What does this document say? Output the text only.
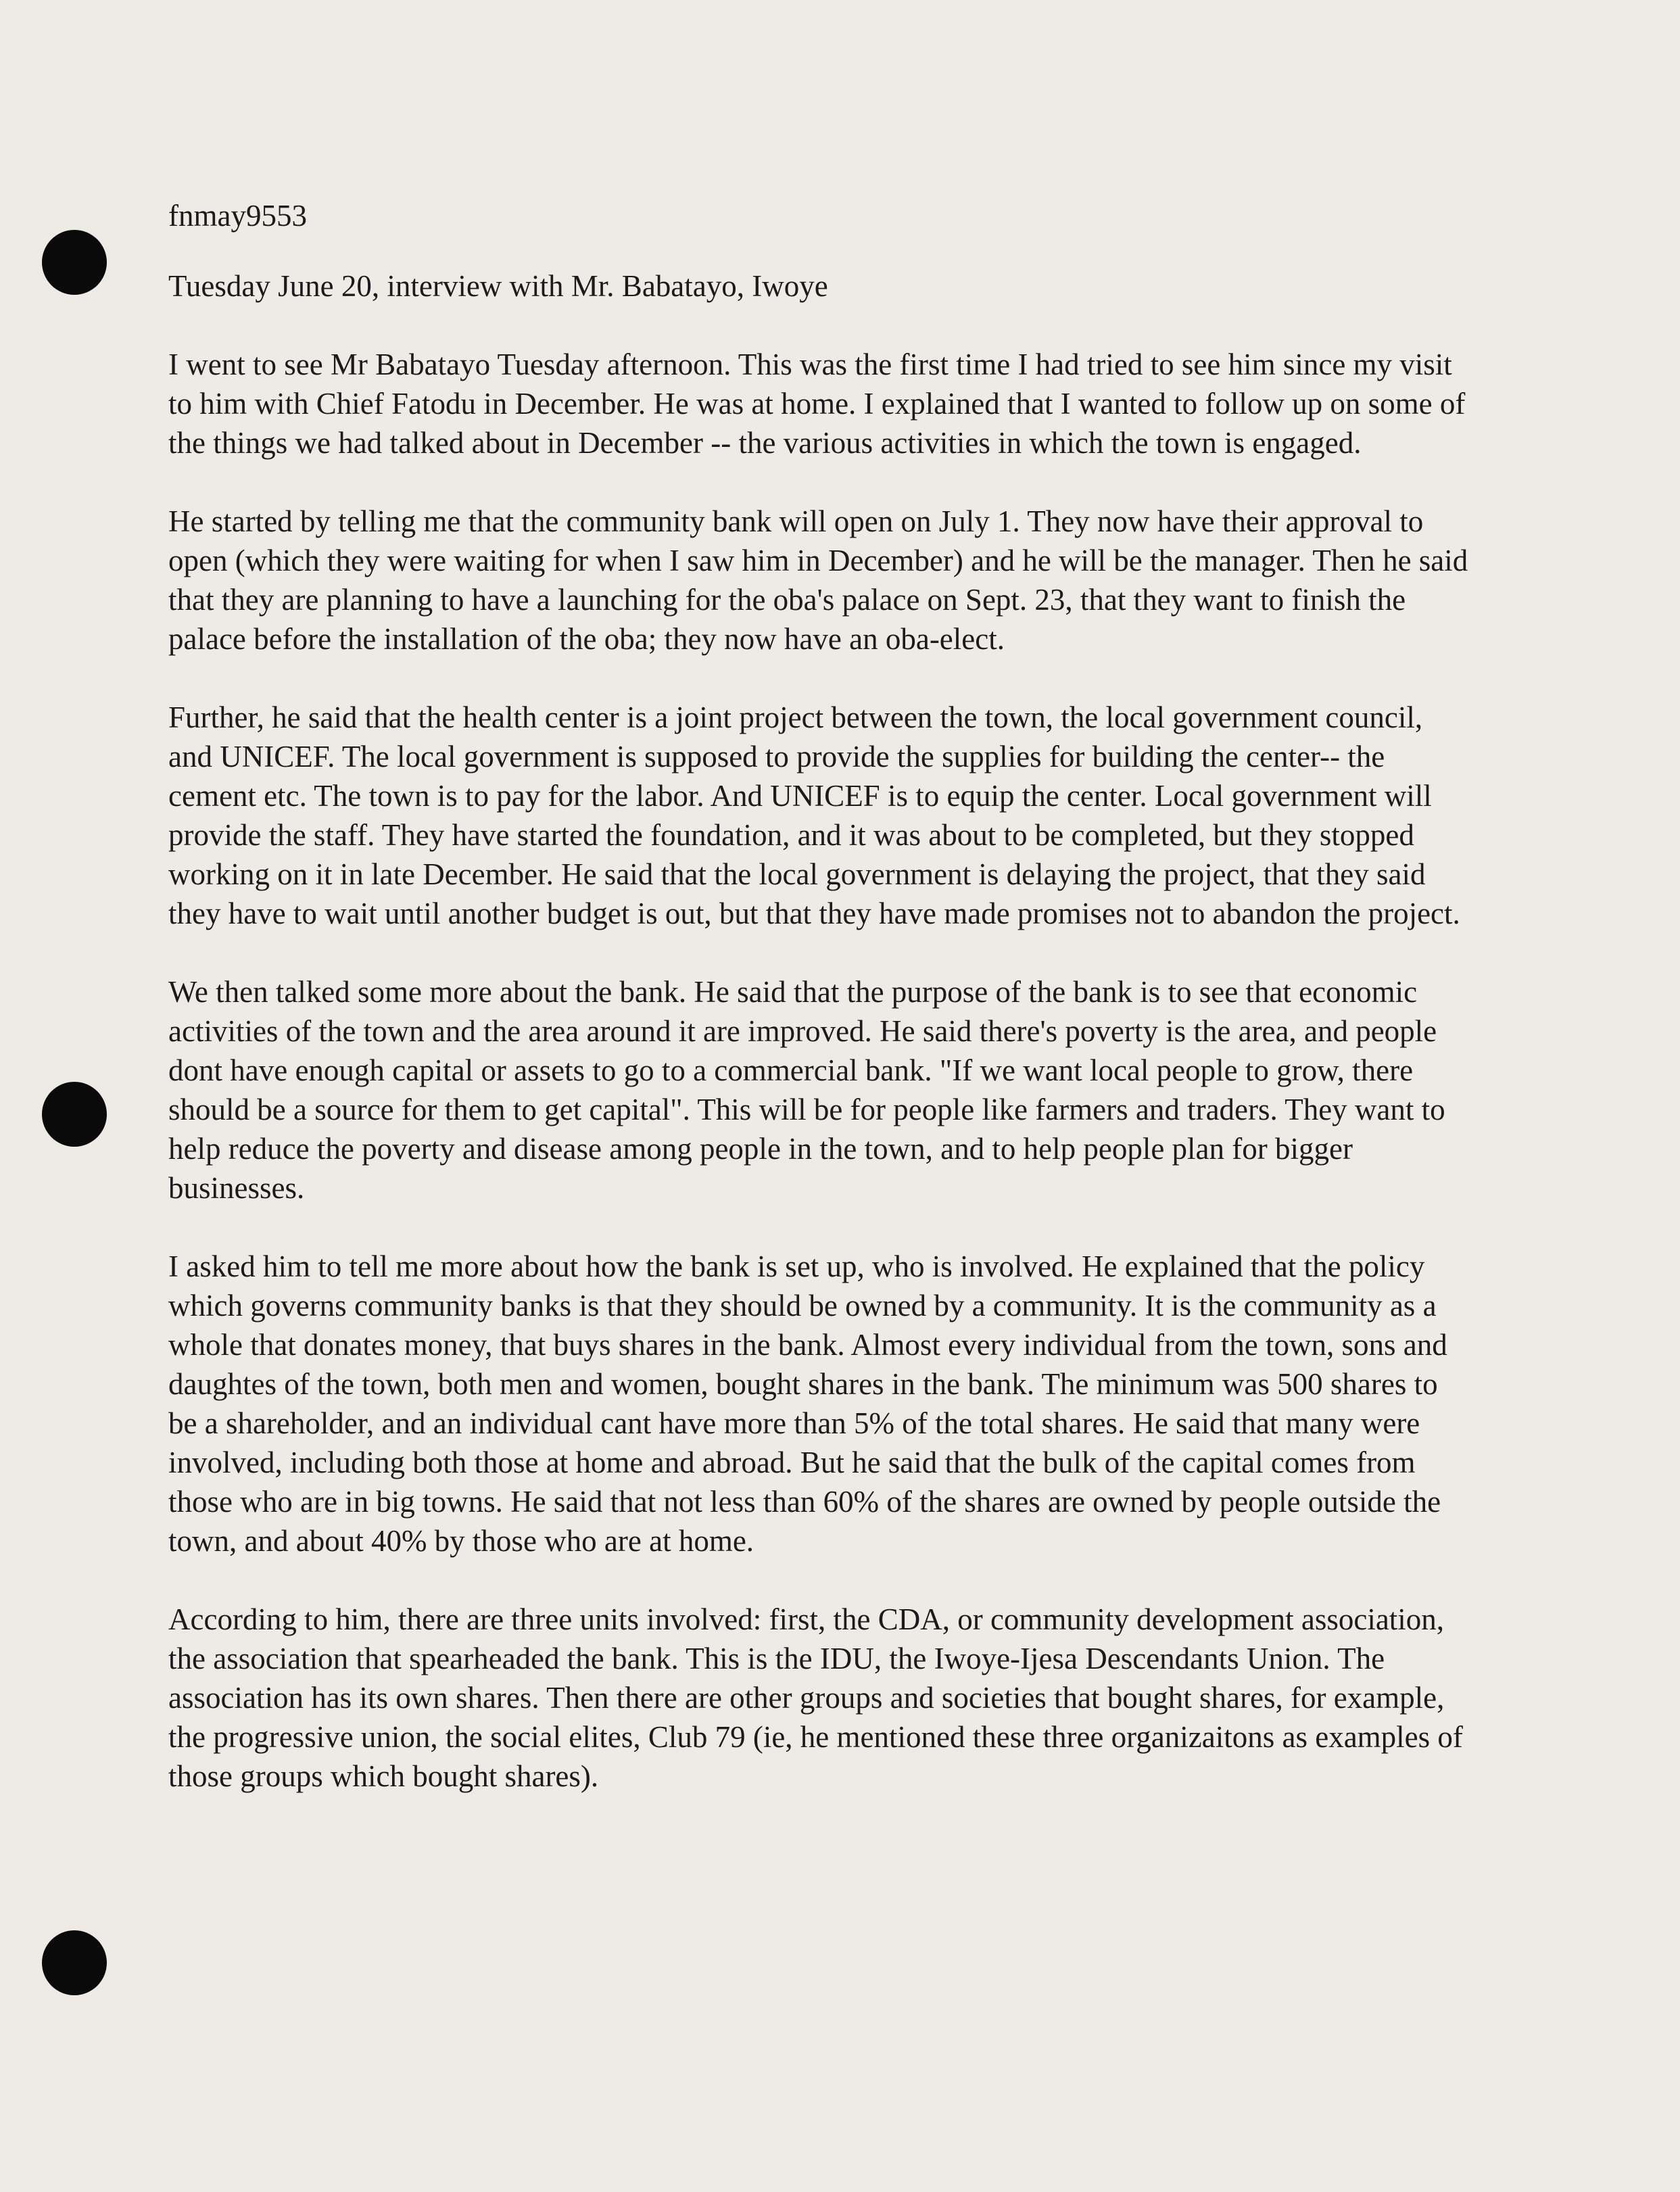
fnmay9553
Tuesday June 20, interview with Mr. Babatayo, Iwoye

I went to see Mr Babatayo Tuesday afternoon. This was the first time I had tried to see him since my visit to him with Chief Fatodu in December. He was at home. I explained that I wanted to follow up on some of the things we had talked about in December -- the various activities in which the town is engaged.

He started by telling me that the community bank will open on July 1. They now have their approval to open (which they were waiting for when I saw him in December) and he will be the manager. Then he said that they are planning to have a launching for the oba's palace on Sept. 23, that they want to finish the palace before the installation of the oba; they now have an oba-elect.

Further, he said that the health center is a joint project between the town, the local government council, and UNICEF. The local government is supposed to provide the supplies for building the center-- the cement etc. The town is to pay for the labor. And UNICEF is to equip the center. Local government will provide the staff. They have started the foundation, and it was about to be completed, but they stopped working on it in late December. He said that the local government is delaying the project, that they said they have to wait until another budget is out, but that they have made promises not to abandon the project.

We then talked some more about the bank. He said that the purpose of the bank is to see that economic activities of the town and the area around it are improved. He said there's poverty is the area, and people dont have enough capital or assets to go to a commercial bank. "If we want local people to grow, there should be a source for them to get capital". This will be for people like farmers and traders. They want to help reduce the poverty and disease among people in the town, and to help people plan for bigger businesses.

I asked him to tell me more about how the bank is set up, who is involved. He explained that the policy which governs community banks is that they should be owned by a community. It is the community as a whole that donates money, that buys shares in the bank. Almost every individual from the town, sons and daughtes of the town, both men and women, bought shares in the bank. The minimum was 500 shares to be a shareholder, and an individual cant have more than 5% of the total shares. He said that many were involved, including both those at home and abroad. But he said that the bulk of the capital comes from those who are in big towns. He said that not less than 60% of the shares are owned by people outside the town, and about 40% by those who are at home.

According to him, there are three units involved: first, the CDA, or community development association, the association that spearheaded the bank. This is the IDU, the Iwoye-Ijesa Descendants Union. The association has its own shares. Then there are other groups and societies that bought shares, for example, the progressive union, the social elites, Club 79 (ie, he mentioned these three organizaitons as examples of those groups which bought shares).
